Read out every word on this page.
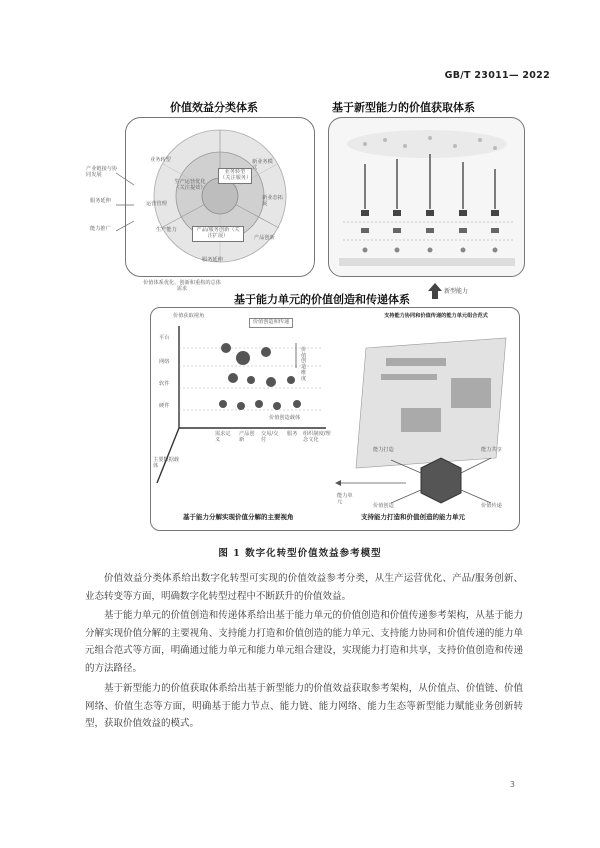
GB/T 23011— 2022
价值效益分类体系	基于新型能力的价值获取体系
业务转型（关注服务）
生产运营优化（关注提效）
产品/服务创新（关注扩展）
业务转型
新业态拓展
产品创新
服务延伸
生产能力
运营管理
新业务模式
产业链接与协同发展
服务延伸
能力推广
价值体系优化、创新和重构的总体需求
基于能力单元的价值创造和传递体系
新型能力
价值获取视角
价值创造和传递
平台
网络
软件
硬件
价值创造维度
价值创造载体
需求定义
产品创新
交易/交付
服务	组织制度/理念文化
主要数据载体
支持能力协同和价值传递的能力单元组合范式
能力单元
能力打造	能力共享
价值创造	价值传递
基于能力分解实现价值分解的主要视角	支持能力打造和价值创造的能力单元
图 1 数字化转型价值效益参考模型
价值效益分类体系给出数字化转型可实现的价值效益参考分类，从生产运营优化、产品/服务创新、业态转变等方面，明确数字化转型过程中不断跃升的价值效益。
基于能力单元的价值创造和传递体系给出基于能力单元的价值创造和价值传递参考架构，从基于能力分解实现价值分解的主要视角、支持能力打造和价值创造的能力单元、支持能力协同和价值传递的能力单元组合范式等方面，明确通过能力单元和能力单元组合建设，实现能力打造和共享，支持价值创造和传递的方法路径。
基于新型能力的价值获取体系给出基于新型能力的价值效益获取参考架构，从价值点、价值链、价值网络、价值生态等方面，明确基于能力节点、能力链、能力网络、能力生态等新型能力赋能业务创新转型，获取价值效益的模式。
3
